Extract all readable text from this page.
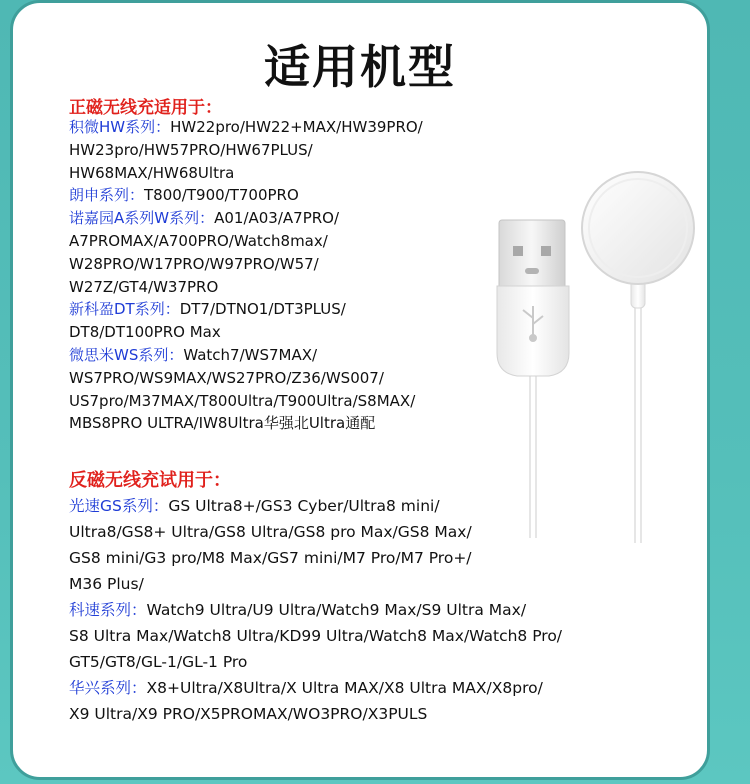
适用机型
正磁无线充适用于：
积微HW系列：HW22pro/HW22+MAX/HW39PRO/
HW23pro/HW57PRO/HW67PLUS/
HW68MAX/HW68Ultra
朗申系列：T800/T900/T700PRO
诺嘉园A系列W系列：A01/A03/A7PRO/
A7PROMAX/A700PRO/Watch8max/
W28PRO/W17PRO/W97PRO/W57/
W27Z/GT4/W37PRO
新科盈DT系列：DT7/DTNO1/DT3PLUS/
DT8/DT100PRO Max
微思米WS系列：Watch7/WS7MAX/
WS7PRO/WS9MAX/WS27PRO/Z36/WS007/
US7pro/M37MAX/T800Ultra/T900Ultra/S8MAX/
MBS8PRO ULTRA/IW8Ultra华强北Ultra通配
反磁无线充试用于：
光速GS系列：GS Ultra8+/GS3 Cyber/Ultra8 mini/
Ultra8/GS8+ Ultra/GS8 Ultra/GS8 pro Max/GS8 Max/
GS8 mini/G3 pro/M8 Max/GS7 mini/M7 Pro/M7 Pro+/
M36 Plus/
科速系列：Watch9 Ultra/U9 Ultra/Watch9 Max/S9 Ultra Max/
S8 Ultra Max/Watch8 Ultra/KD99 Ultra/Watch8 Max/Watch8 Pro/
GT5/GT8/GL-1/GL-1 Pro
华兴系列：X8+Ultra/X8Ultra/X Ultra MAX/X8 Ultra MAX/X8pro/
X9 Ultra/X9 PRO/X5PROMAX/WO3PRO/X3PULS
